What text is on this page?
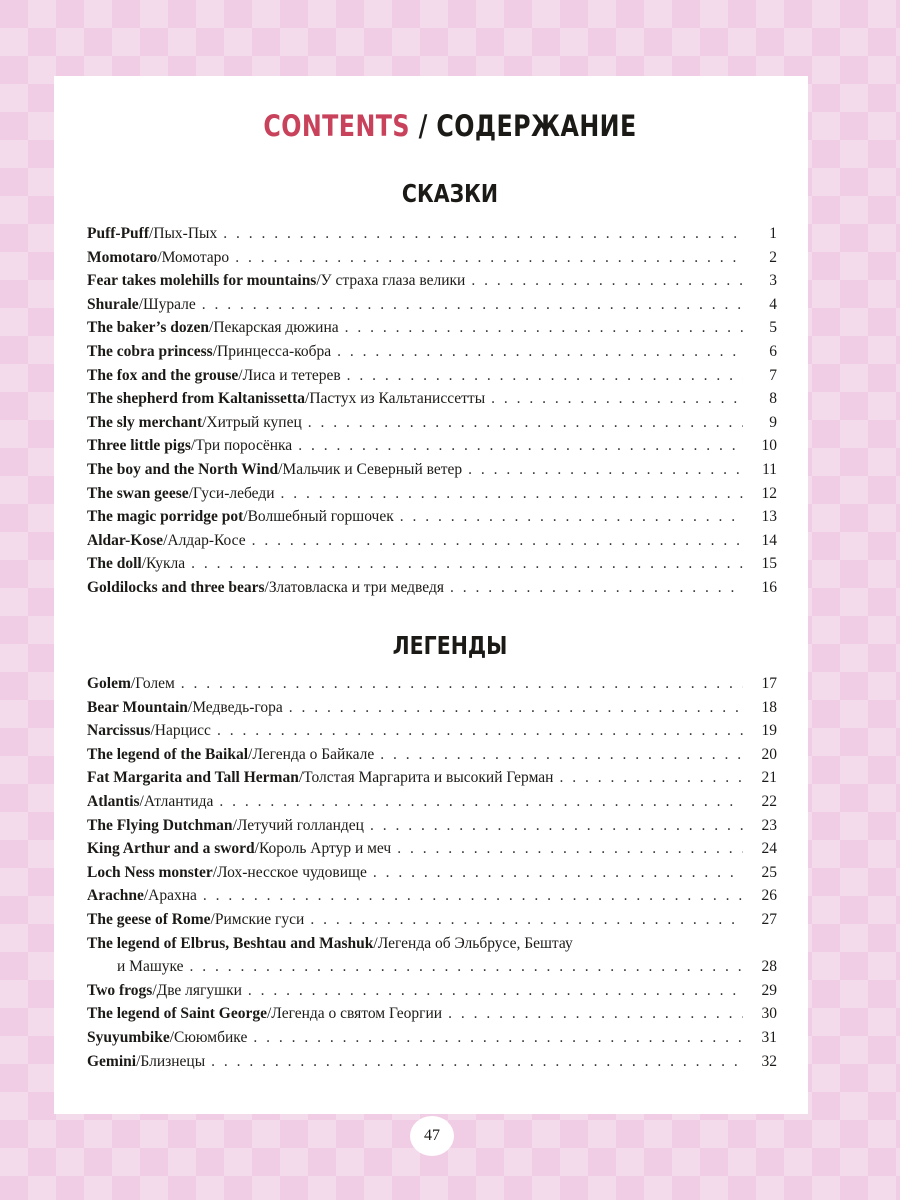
CONTENTS / СОДЕРЖАНИЕ
СКАЗКИ
Puff-Puff / Пых-Пых . . .	1
Momotaro / Момотаро . . .	2
Fear takes molehills for mountains / У страха глаза велики . . .	3
Shurale / Шурале . . .	4
The baker’s dozen / Пекарская дюжина . . .	5
The cobra princess / Принцесса-кобра . . .	6
The fox and the grouse / Лиса и тетерев . . .	7
The shepherd from Kaltanissetta / Пастух из Кальтаниссетты . . .	8
The sly merchant / Хитрый купец . . .	9
Three little pigs / Три поросёнка . . .	10
The boy and the North Wind / Мальчик и Северный ветер . . .	11
The swan geese / Гуси-лебеди . . .	12
The magic porridge pot / Волшебный горшочек . . .	13
Aldar-Kose / Алдар-Косе . . .	14
The doll / Кукла . . .	15
Goldilocks and three bears / Златовласка и три медведя . . .	16
ЛЕГЕНДЫ
Golem / Голем . . .	17
Bear Mountain / Медведь-гора . . .	18
Narcissus / Нарцисс . . .	19
The legend of the Baikal / Легенда о Байкале . . .	20
Fat Margarita and Tall Herman / Толстая Маргарита и высокий Герман . . .	21
Atlantis / Атлантида . . .	22
The Flying Dutchman / Летучий голландец . . .	23
King Arthur and a sword / Король Артур и меч . . .	24
Loch Ness monster / Лох-несское чудовище . . .	25
Arachne / Арахна . . .	26
The geese of Rome / Римские гуси . . .	27
The legend of Elbrus, Beshtau and Mashuk / Легенда об Эльбрусе, Бештау
и Машуке . . .	28
Two frogs / Две лягушки . . .	29
The legend of Saint George / Легенда о святом Георгии . . .	30
Syuyumbike / Сююмбике . . .	31
Gemini / Близнецы . . .	32
47
